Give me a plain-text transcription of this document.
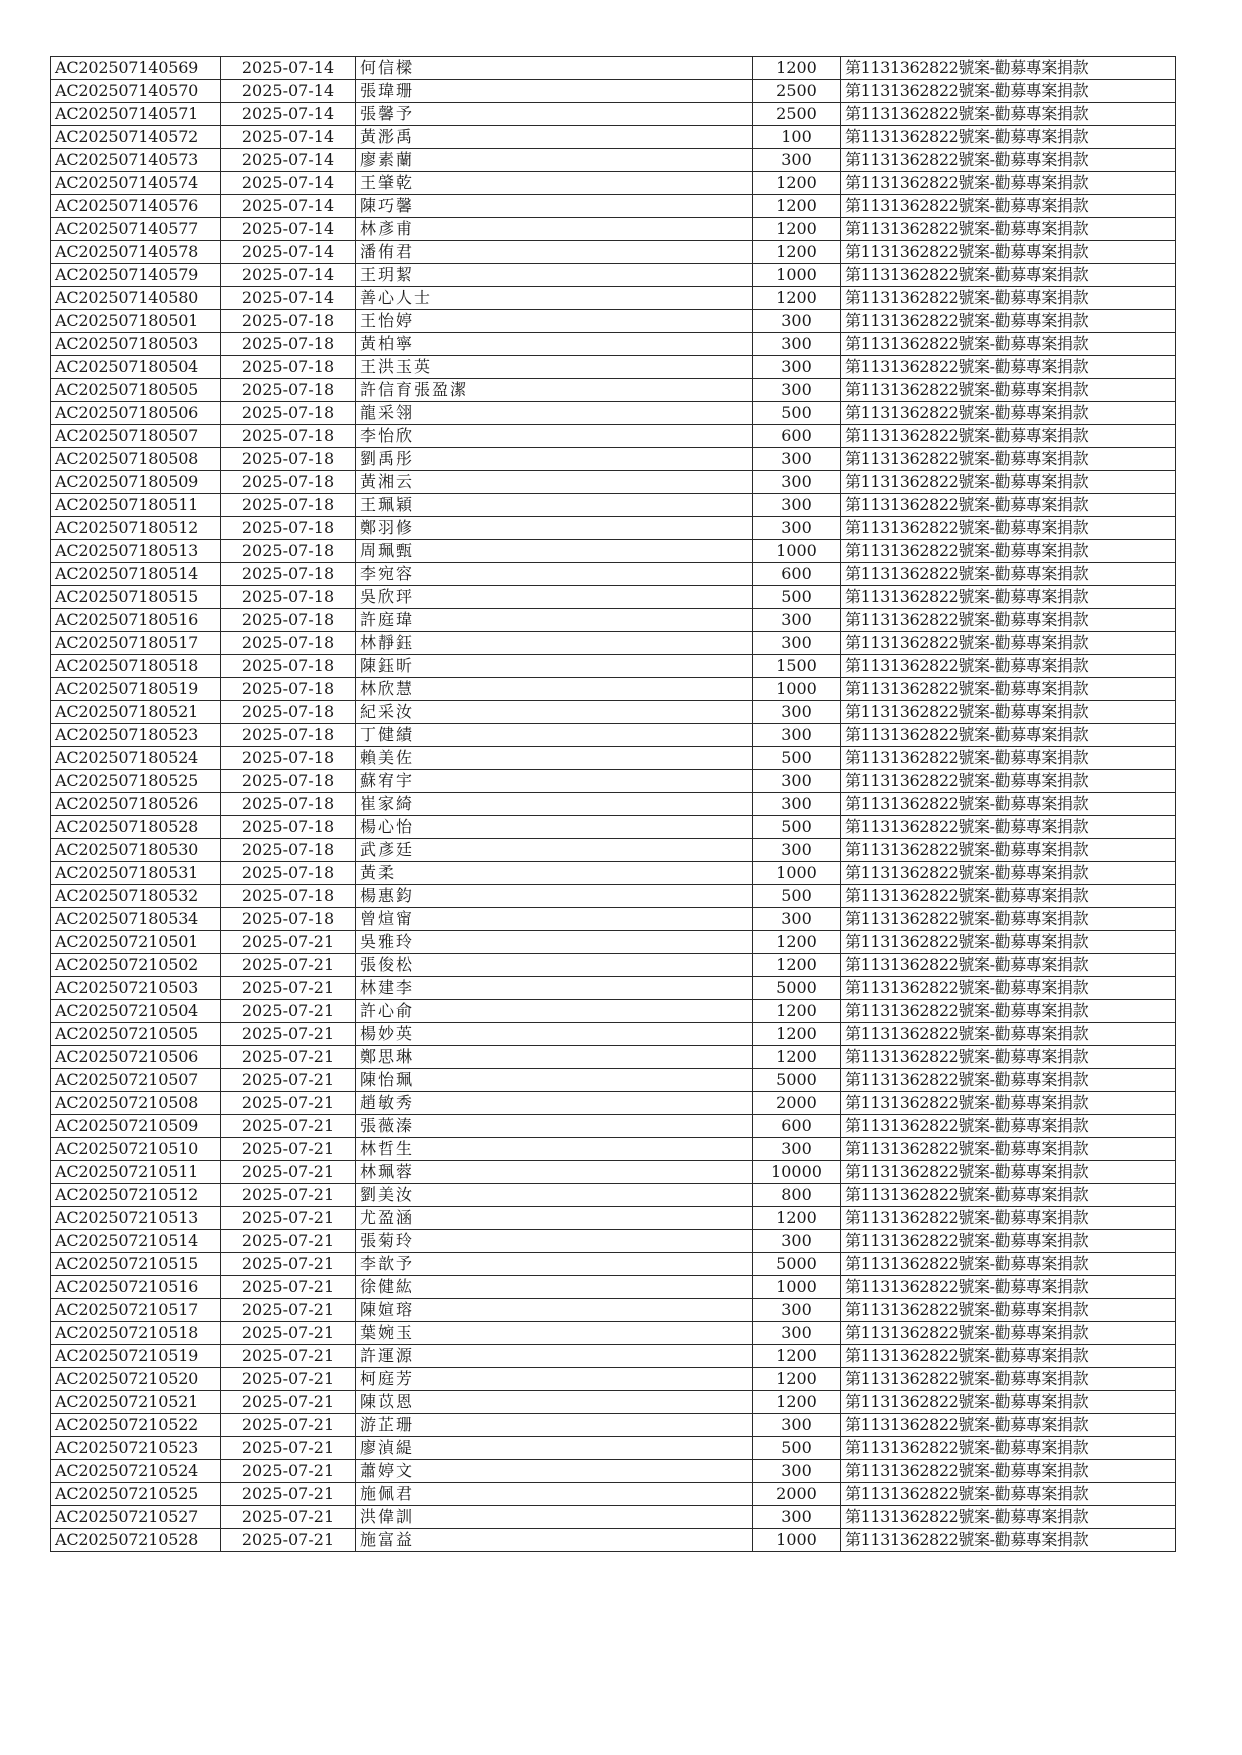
AC202507140569	2025-07-14	何信樑	1200	第1131362822號案-勸募專案捐款
AC202507140570	2025-07-14	張瑋珊	2500	第1131362822號案-勸募專案捐款
AC202507140571	2025-07-14	張馨予	2500	第1131362822號案-勸募專案捐款
AC202507140572	2025-07-14	黃浵禹	100	第1131362822號案-勸募專案捐款
AC202507140573	2025-07-14	廖素蘭	300	第1131362822號案-勸募專案捐款
AC202507140574	2025-07-14	王肇乾	1200	第1131362822號案-勸募專案捐款
AC202507140576	2025-07-14	陳巧馨	1200	第1131362822號案-勸募專案捐款
AC202507140577	2025-07-14	林彥甫	1200	第1131362822號案-勸募專案捐款
AC202507140578	2025-07-14	潘侑君	1200	第1131362822號案-勸募專案捐款
AC202507140579	2025-07-14	王玥絜	1000	第1131362822號案-勸募專案捐款
AC202507140580	2025-07-14	善心人士	1200	第1131362822號案-勸募專案捐款
AC202507180501	2025-07-18	王怡婷	300	第1131362822號案-勸募專案捐款
AC202507180503	2025-07-18	黃柏寧	300	第1131362822號案-勸募專案捐款
AC202507180504	2025-07-18	王洪玉英	300	第1131362822號案-勸募專案捐款
AC202507180505	2025-07-18	許信育張盈潔	300	第1131362822號案-勸募專案捐款
AC202507180506	2025-07-18	龍采翎	500	第1131362822號案-勸募專案捐款
AC202507180507	2025-07-18	李怡欣	600	第1131362822號案-勸募專案捐款
AC202507180508	2025-07-18	劉禹彤	300	第1131362822號案-勸募專案捐款
AC202507180509	2025-07-18	黃湘云	300	第1131362822號案-勸募專案捐款
AC202507180511	2025-07-18	王珮穎	300	第1131362822號案-勸募專案捐款
AC202507180512	2025-07-18	鄭羽修	300	第1131362822號案-勸募專案捐款
AC202507180513	2025-07-18	周珮甄	1000	第1131362822號案-勸募專案捐款
AC202507180514	2025-07-18	李宛容	600	第1131362822號案-勸募專案捐款
AC202507180515	2025-07-18	吳欣玶	500	第1131362822號案-勸募專案捐款
AC202507180516	2025-07-18	許庭瑋	300	第1131362822號案-勸募專案捐款
AC202507180517	2025-07-18	林靜鈺	300	第1131362822號案-勸募專案捐款
AC202507180518	2025-07-18	陳鈺昕	1500	第1131362822號案-勸募專案捐款
AC202507180519	2025-07-18	林欣慧	1000	第1131362822號案-勸募專案捐款
AC202507180521	2025-07-18	紀采汝	300	第1131362822號案-勸募專案捐款
AC202507180523	2025-07-18	丁健績	300	第1131362822號案-勸募專案捐款
AC202507180524	2025-07-18	賴美佐	500	第1131362822號案-勸募專案捐款
AC202507180525	2025-07-18	蘇宥宇	300	第1131362822號案-勸募專案捐款
AC202507180526	2025-07-18	崔家綺	300	第1131362822號案-勸募專案捐款
AC202507180528	2025-07-18	楊心怡	500	第1131362822號案-勸募專案捐款
AC202507180530	2025-07-18	武彥廷	300	第1131362822號案-勸募專案捐款
AC202507180531	2025-07-18	黃柔	1000	第1131362822號案-勸募專案捐款
AC202507180532	2025-07-18	楊惠鈞	500	第1131362822號案-勸募專案捐款
AC202507180534	2025-07-18	曾煊甯	300	第1131362822號案-勸募專案捐款
AC202507210501	2025-07-21	吳雅玲	1200	第1131362822號案-勸募專案捐款
AC202507210502	2025-07-21	張俊松	1200	第1131362822號案-勸募專案捐款
AC202507210503	2025-07-21	林建李	5000	第1131362822號案-勸募專案捐款
AC202507210504	2025-07-21	許心俞	1200	第1131362822號案-勸募專案捐款
AC202507210505	2025-07-21	楊妙英	1200	第1131362822號案-勸募專案捐款
AC202507210506	2025-07-21	鄭思琳	1200	第1131362822號案-勸募專案捐款
AC202507210507	2025-07-21	陳怡珮	5000	第1131362822號案-勸募專案捐款
AC202507210508	2025-07-21	趙敏秀	2000	第1131362822號案-勸募專案捐款
AC202507210509	2025-07-21	張薇溱	600	第1131362822號案-勸募專案捐款
AC202507210510	2025-07-21	林哲生	300	第1131362822號案-勸募專案捐款
AC202507210511	2025-07-21	林珮蓉	10000	第1131362822號案-勸募專案捐款
AC202507210512	2025-07-21	劉美汝	800	第1131362822號案-勸募專案捐款
AC202507210513	2025-07-21	尤盈涵	1200	第1131362822號案-勸募專案捐款
AC202507210514	2025-07-21	張菊玲	300	第1131362822號案-勸募專案捐款
AC202507210515	2025-07-21	李歆予	5000	第1131362822號案-勸募專案捐款
AC202507210516	2025-07-21	徐健紘	1000	第1131362822號案-勸募專案捐款
AC202507210517	2025-07-21	陳媗瑢	300	第1131362822號案-勸募專案捐款
AC202507210518	2025-07-21	葉婉玉	300	第1131362822號案-勸募專案捐款
AC202507210519	2025-07-21	許運源	1200	第1131362822號案-勸募專案捐款
AC202507210520	2025-07-21	柯庭芳	1200	第1131362822號案-勸募專案捐款
AC202507210521	2025-07-21	陳苡恩	1200	第1131362822號案-勸募專案捐款
AC202507210522	2025-07-21	游芷珊	300	第1131362822號案-勸募專案捐款
AC202507210523	2025-07-21	廖湞緹	500	第1131362822號案-勸募專案捐款
AC202507210524	2025-07-21	蕭婷文	300	第1131362822號案-勸募專案捐款
AC202507210525	2025-07-21	施佩君	2000	第1131362822號案-勸募專案捐款
AC202507210527	2025-07-21	洪偉訓	300	第1131362822號案-勸募專案捐款
AC202507210528	2025-07-21	施富益	1000	第1131362822號案-勸募專案捐款
